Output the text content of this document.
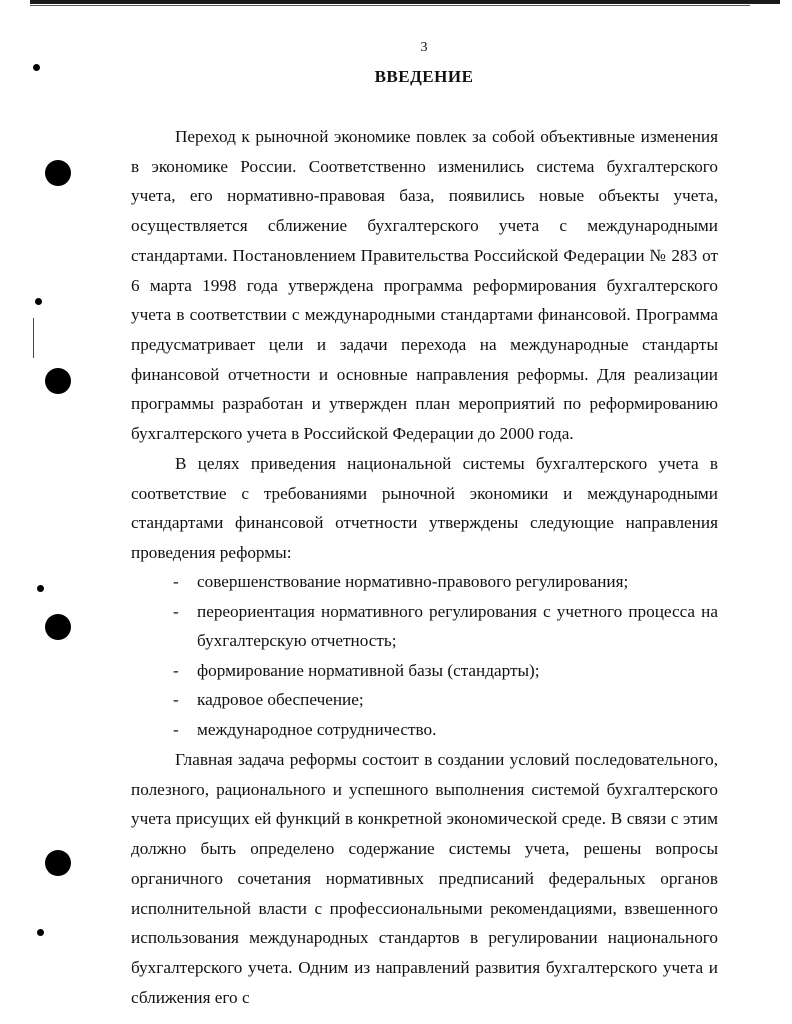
3
ВВЕДЕНИЕ

Переход к рыночной экономике повлек за собой объективные изменения в экономике России. Соответственно изменились система бухгалтерского учета, его нормативно-правовая база, появились новые объекты учета, осуществляется сближение бухгалтерского учета с международными стандартами. Постановлением Правительства Российской Федерации № 283 от 6 марта 1998 года утверждена программа реформирования бухгалтерского учета в соответствии с международными стандартами финансовой. Программа предусматривает цели и задачи перехода на международные стандарты финансовой отчетности и основные направления реформы. Для реализации программы разработан и утвержден план мероприятий по реформированию бухгалтерского учета в Российской Федерации до 2000 года.

В целях приведения национальной системы бухгалтерского учета в соответствие с требованиями рыночной экономики и международными стандартами финансовой отчетности утверждены следующие направления проведения реформы:

- совершенствование нормативно-правового регулирования;
- переориентация нормативного регулирования с учетного процесса на бухгалтерскую отчетность;
- формирование нормативной базы (стандарты);
- кадровое обеспечение;
- международное сотрудничество.

Главная задача реформы состоит в создании условий последовательного, полезного, рационального и успешного выполнения системой бухгалтерского учета присущих ей функций в конкретной экономической среде. В связи с этим должно быть определено содержание системы учета, решены вопросы органичного сочетания нормативных предписаний федеральных органов исполнительной власти с профессиональными рекомендациями, взвешенного использования международных стандартов в регулировании национального бухгалтерского учета. Одним из направлений развития бухгалтерского учета и сближения его с
